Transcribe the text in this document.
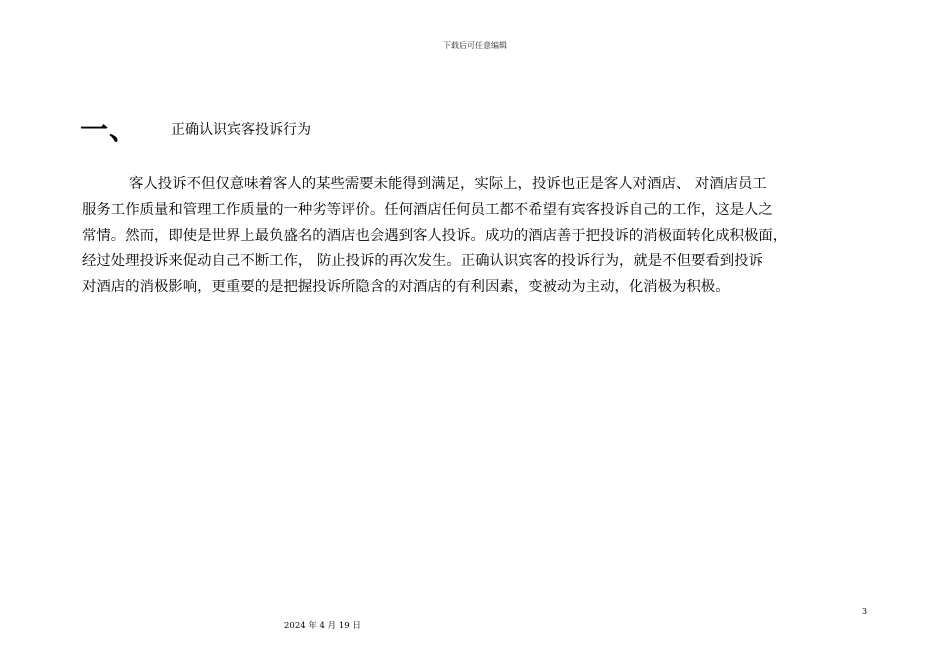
下载后可任意编辑
一、 正确认识宾客投诉行为
客人投诉不但仅意味着客人的某些需要未能得到满足，实际上，投诉也正是客人对酒店、 对酒店员工
服务工作质量和管理工作质量的一种劣等评价。任何酒店任何员工都不希望有宾客投诉自己的工作，这是人之
常情。然而，即使是世界上最负盛名的酒店也会遇到客人投诉。成功的酒店善于把投诉的消极面转化成积极面，
经过处理投诉来促动自己不断工作， 防止投诉的再次发生。正确认识宾客的投诉行为，就是不但要看到投诉
对酒店的消极影响，更重要的是把握投诉所隐含的对酒店的有利因素，变被动为主动，化消极为积极。
3
2024 年 4 月 19 日
